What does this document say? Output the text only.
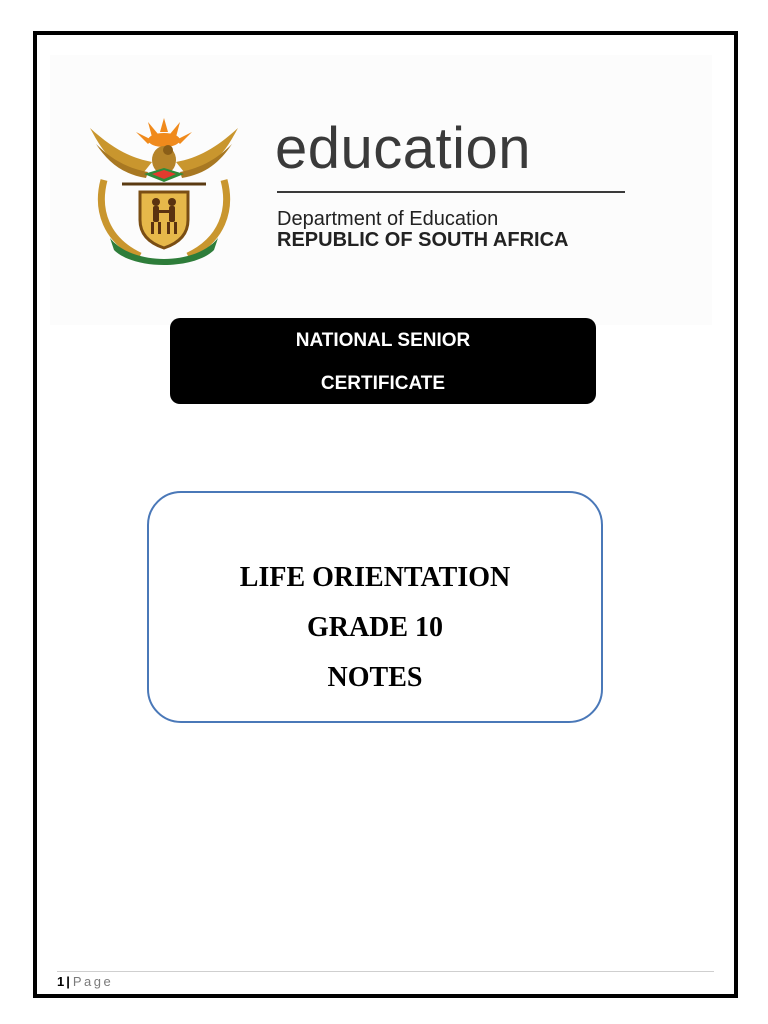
education
Department of Education
REPUBLIC OF SOUTH AFRICA
NATIONAL SENIOR
CERTIFICATE
LIFE ORIENTATION
GRADE 10
NOTES
1 | Page
